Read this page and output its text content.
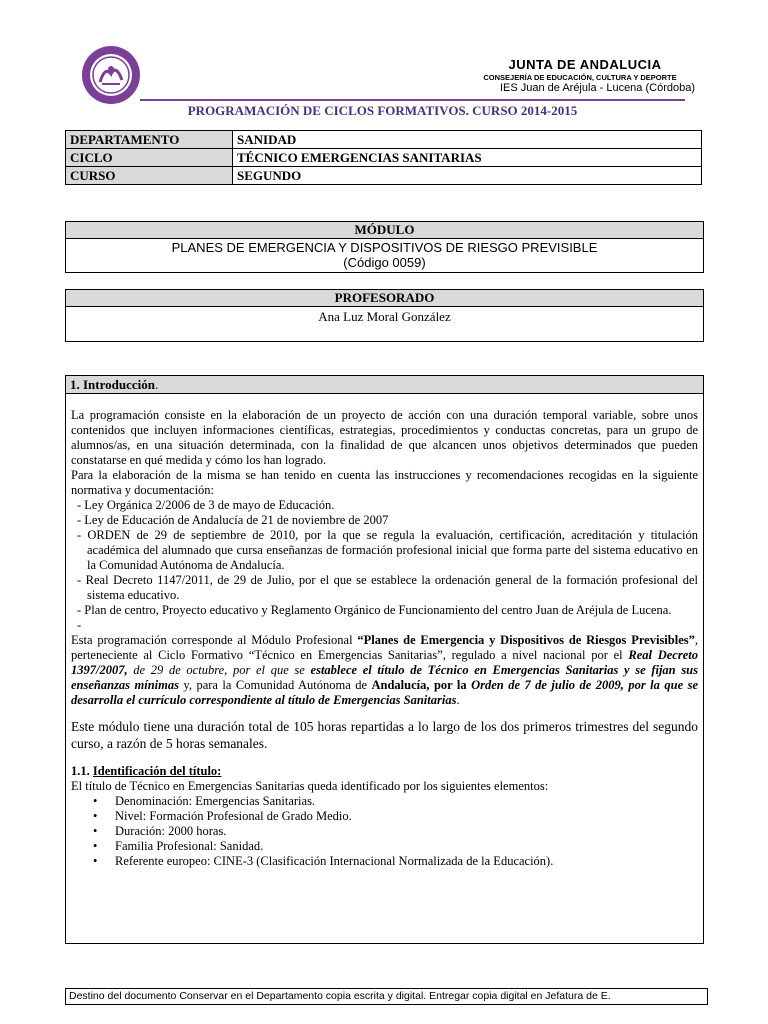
JUNTA DE ANDALUCIA
CONSEJERÍA DE EDUCACIÓN, CULTURA Y DEPORTE
IES Juan de Aréjula - Lucena (Córdoba)
PROGRAMACIÓN DE CICLOS FORMATIVOS. CURSO 2014-2015
DEPARTAMENTO	SANIDAD
CICLO	TÉCNICO EMERGENCIAS SANITARIAS
CURSO	SEGUNDO
MÓDULO
PLANES DE EMERGENCIA Y DISPOSITIVOS DE RIESGO PREVISIBLE
(Código 0059)
PROFESORADO
Ana Luz Moral González
1. Introducción.

La programación consiste en la elaboración de un proyecto de acción con una duración temporal variable, sobre unos contenidos que incluyen informaciones científicas, estrategias, procedimientos y conductas concretas, para un grupo de alumnos/as, en una situación determinada, con la finalidad de que alcancen unos objetivos determinados que pueden constatarse en qué medida y cómo los han logrado.

Para la elaboración de la misma se han tenido en cuenta las instrucciones y recomendaciones recogidas en la siguiente normativa y documentación:

- Ley Orgánica 2/2006 de 3 de mayo de Educación.
- Ley de Educación de Andalucía de 21 de noviembre de 2007
- ORDEN de 29 de septiembre de 2010, por la que se regula la evaluación, certificación, acreditación y titulación académica del alumnado que cursa enseñanzas de formación profesional inicial que forma parte del sistema educativo en la Comunidad Autónoma de Andalucía.
- Real Decreto 1147/2011, de 29 de Julio, por el que se establece la ordenación general de la formación profesional del sistema educativo.
- Plan de centro, Proyecto educativo y Reglamento Orgánico de Funcionamiento del centro Juan de Aréjula de Lucena.
-

Esta programación corresponde al Módulo Profesional “Planes de Emergencia y Dispositivos de Riesgos Previsibles”, perteneciente al Ciclo Formativo “Técnico en Emergencias Sanitarias”, regulado a nivel nacional por el Real Decreto 1397/2007, de 29 de octubre, por el que se establece el título de Técnico en Emergencias Sanitarias y se fijan sus enseñanzas mínimas y, para la Comunidad Autónoma de Andalucía, por la Orden de 7 de julio de 2009, por la que se desarrolla el currículo correspondiente al título de Emergencias Sanitarias.

Este módulo tiene una duración total de 105 horas repartidas a lo largo de los dos primeros trimestres del segundo curso, a razón de 5 horas semanales.

1.1. Identificación del título:

El título de Técnico en Emergencias Sanitarias queda identificado por los siguientes elementos:

• Denominación: Emergencias Sanitarias.
• Nivel: Formación Profesional de Grado Medio.
• Duración: 2000 horas.
• Familia Profesional: Sanidad.
• Referente europeo: CINE-3 (Clasificación Internacional Normalizada de la Educación).
Destino del documento Conservar en el Departamento copia escrita y digital. Entregar copia digital en Jefatura de E.
